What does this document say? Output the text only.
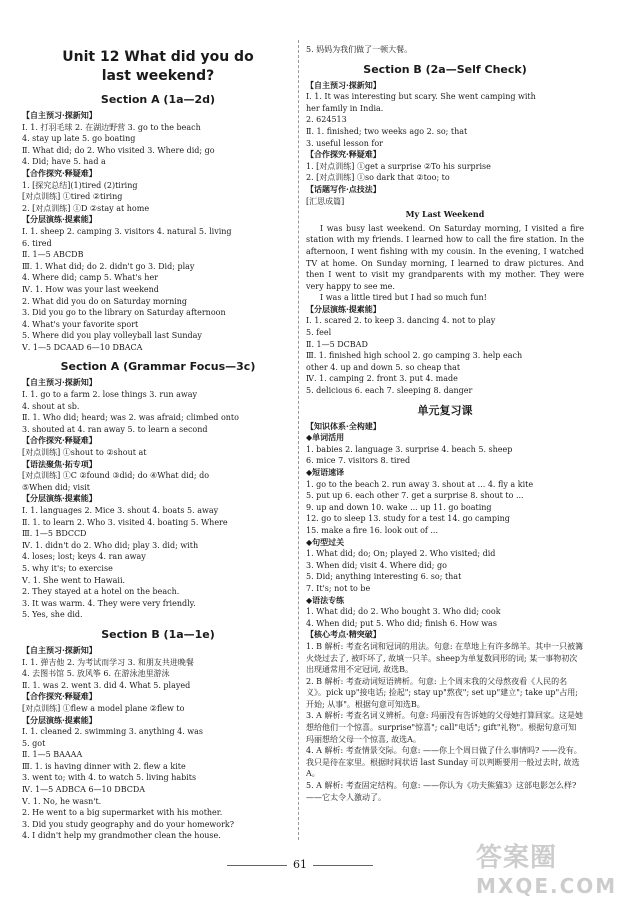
Unit 12 What did you do
last weekend?
Section A (1a—2d)
【自主预习·探新知】
Ⅰ. 1. 打羽毛球 2. 在湖边野营 3. go to the beach
4. stay up late 5. go boating
Ⅱ. What did; do 2. Who visited 3. Where did; go
4. Did; have 5. had a
【合作探究·释疑难】
1. [探究总结](1)tired (2)tiring
[对点训练] ①tired ②tiring
2. [对点训练] ①D ②stay at home
【分层演练·提素能】
Ⅰ. 1. sheep 2. camping 3. visitors 4. natural 5. living
6. tired
Ⅱ. 1—5 ABCDB
Ⅲ. 1. What did; do 2. didn't go 3. Did; play
4. Where did; camp 5. What's her
Ⅳ. 1. How was your last weekend
2. What did you do on Saturday morning
3. Did you go to the library on Saturday afternoon
4. What's your favorite sport
5. Where did you play volleyball last Sunday
Ⅴ. 1—5 DCAAD 6—10 DBACA
Section A (Grammar Focus—3c)
【自主预习·探新知】
Ⅰ. 1. go to a farm 2. lose things 3. run away
4. shout at sb.
Ⅱ. 1. Who did; heard; was 2. was afraid; climbed onto
3. shouted at 4. ran away 5. to learn a second
【合作探究·释疑难】
[对点训练] ①shout to ②shout at
【语法聚焦·拓专项】
[对点训练] ①C ②found ③did; do ④What did; do
⑤When did; visit
【分层演练·提素能】
Ⅰ. 1. languages 2. Mice 3. shout 4. boats 5. away
Ⅱ. 1. to learn 2. Who 3. visited 4. boating 5. Where
Ⅲ. 1—5 BDCCD
Ⅳ. 1. didn't do 2. Who did; play 3. did; with
4. loses; lost; keys 4. ran away
5. why it's; to exercise
Ⅴ. 1. She went to Hawaii.
2. They stayed at a hotel on the beach.
3. It was warm. 4. They were very friendly.
5. Yes, she did.
Section B (1a—1e)
【自主预习·探新知】
Ⅰ. 1. 弹吉他 2. 为考试而学习 3. 和朋友共进晚餐
4. 去图书馆 5. 放风筝 6. 在游泳池里游泳
Ⅱ. 1. was 2. went 3. did 4. What 5. played
【合作探究·释疑难】
[对点训练] ①flew a model plane ②flew to
【分层演练·提素能】
Ⅰ. 1. cleaned 2. swimming 3. anything 4. was
5. got
Ⅱ. 1—5 BAAAA
Ⅲ. 1. is having dinner with 2. flew a kite
3. went to; with 4. to watch 5. living habits
Ⅳ. 1—5 ADBCA 6—10 DBCDA
Ⅴ. 1. No, he wasn't.
2. He went to a big supermarket with his mother.
3. Did you study geography and do your homework?
4. I didn't help my grandmother clean the house.
5. 妈妈为我们做了一顿大餐。
Section B (2a—Self Check)
【自主预习·探新知】
Ⅰ. 1. It was interesting but scary. She went camping with
her family in India.
2. 624513
Ⅱ. 1. finished; two weeks ago 2. so; that
3. useful lesson for
【合作探究·释疑难】
1. [对点训练] ①get a surprise ②To his surprise
2. [对点训练] ①so dark that ②too; to
【话题写作·点技法】
[汇思成篇]
My Last Weekend
I was busy last weekend. On Saturday morning, I visited a fire station with my friends. I learned how to call the fire station. In the afternoon, I went fishing with my cousin. In the evening, I watched TV at home. On Sunday morning, I learned to draw pictures. And then I went to visit my grandparents with my mother. They were very happy to see me.
I was a little tired but I had so much fun!
【分层演练·提素能】
Ⅰ. 1. scared 2. to keep 3. dancing 4. not to play
5. feel
Ⅱ. 1—5 DCBAD
Ⅲ. 1. finished high school 2. go camping 3. help each
other 4. up and down 5. so cheap that
Ⅳ. 1. camping 2. front 3. put 4. made
5. delicious 6. each 7. sleeping 8. danger
单元复习课
【知识体系·全构建】
◆单词活用
1. babies 2. language 3. surprise 4. beach 5. sheep
6. mice 7. visitors 8. tired
◆短语速译
1. go to the beach 2. run away 3. shout at ... 4. fly a kite
5. put up 6. each other 7. get a surprise 8. shout to ...
9. up and down 10. wake ... up 11. go boating
12. go to sleep 13. study for a test 14. go camping
15. make a fire 16. look out of ...
◆句型过关
1. What did; do; On; played 2. Who visited; did
3. When did; visit 4. Where did; go
5. Did; anything interesting 6. so; that
7. It's; not to be
◆语法专练
1. What did; do 2. Who bought 3. Who did; cook
4. When did; put 5. Who did; finish 6. How was
【核心考点·精突破】
1. B 解析: 考查名词和冠词的用法。句意: 在草地上有许多绵羊。其中一只被篝火烧过去了, 被吓坏了, 故填一只羊。sheep为单复数同形的词; 某一事物初次出现通常用不定冠词, 故选B。
2. B 解析: 考查动词短语辨析。句意: 上个周末我的父母熬夜看《人民的名义》。pick up"接电话; 捡起"; stay up"熬夜"; set up"建立"; take up"占用; 开始; 从事"。根据句意可知选B。
3. A 解析: 考查名词义辨析。句意: 玛丽没有告诉她的父母她打算回家。这是她想给他们一个惊喜。surprise"惊喜"; call"电话"; gift"礼物"。根据句意可知玛丽想给父母一个惊喜, 故选A。
4. A 解析: 考查情景交际。句意: ——你上个周日做了什么事情吗? ——没有。我只是待在家里。根据时间状语 last Sunday 可以判断要用一般过去时, 故选A。
5. A 解析: 考查固定结构。句意: ——你认为《功夫熊猫3》这部电影怎么样? ——它太令人激动了。
61	答案圈
MXQE.COM
